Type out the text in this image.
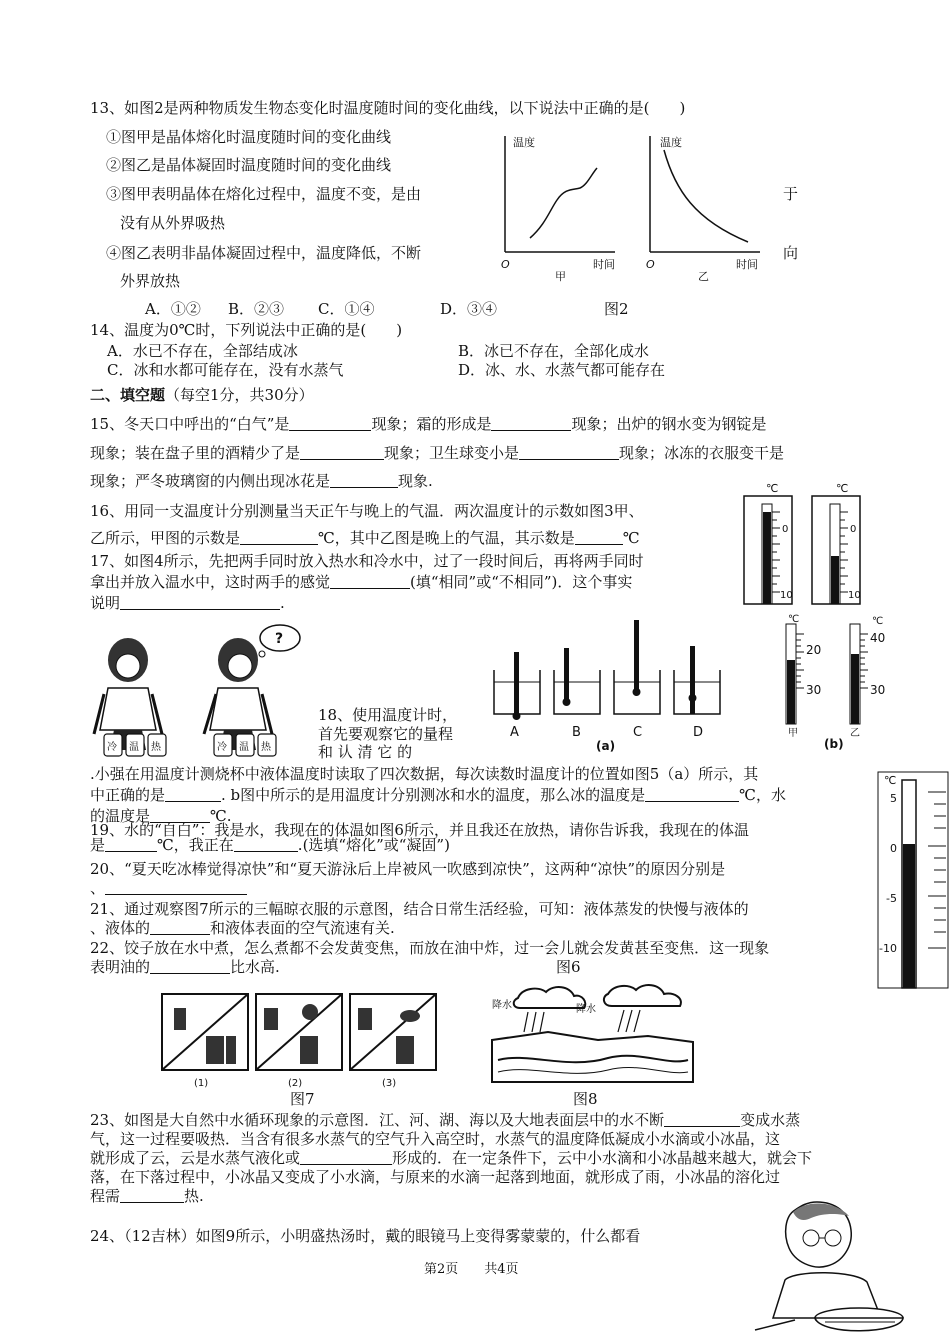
13、如图2是两种物质发生物态变化时温度随时间的变化曲线，以下说法中正确的是(　　)
①图甲是晶体熔化时温度随时间的变化曲线
②图乙是晶体凝固时温度随时间的变化曲线
③图甲表明晶体在熔化过程中，温度不变，是由
没有从外界吸热
④图乙表明非晶体凝固过程中，温度降低，不断
外界放热
于
向
A．①② B．②③ C．①④	D．③④	图2
温度
时间
O
甲
温度
时间
O
乙
14、温度为0℃时，下列说法中正确的是(　　)
A．水已不存在，全部结成冰	B．冰已不存在，全部化成水
C．冰和水都可能存在，没有水蒸气	D．冰、水、水蒸气都可能存在
二、填空题（每空1分，共30分）
15、冬天口中呼出的“白气”是	现象；霜的形成是	现象；出炉的钢水变为钢锭是
现象；装在盘子里的酒精少了是	现象；卫生球变小是	现象；冰冻的衣服变干是
现象；严冬玻璃窗的内侧出现冰花是	现象.
16、用同一支温度计分别测量当天正午与晚上的气温．两次温度计的示数如图3甲、
乙所示，甲图的示数是	℃，其中乙图是晚上的气温，其示数是	℃
℃
0
10
℃
0
10
17、如图4所示，先把两手同时放入热水和冷水中，过了一段时间后，再将两手同时
拿出并放入温水中，这时两手的感觉	(填“相同”或“不相同”)．这个事实
说明	.
冷 温 热
?
冷 温 热
18、使用温度计时，
首先要观察它的量程
和 认 清 它 的
.小强在用温度计测烧杯中液体温度时读取了四次数据，每次读数时温度计的位置如图5（a）所示，其
中正确的是	. b图中所示的是用温度计分别测冰和水的温度，那么冰的温度是	℃，水
的温度是	℃.
A	B	C	D
(a)
℃
20
30
甲
℃
40
30
乙
(b)
19、水的“自白”：我是水，我现在的体温如图6所示，并且我还在放热，请你告诉我，我现在的体温
是	℃，我正在	.(选填“熔化”或“凝固”)
℃
5
0
-5
-10
20、“夏天吃冰棒觉得凉快”和“夏天游泳后上岸被风一吹感到凉快”，这两种“凉快”的原因分别是
、
21、通过观察图7所示的三幅晾衣服的示意图，结合日常生活经验，可知：液体蒸发的快慢与液体的
、液体的	和液体表面的空气流速有关.
22、饺子放在水中煮，怎么煮都不会发黄变焦，而放在油中炸，过一会儿就会发黄甚至变焦．这一现象
表明油的	比水高.	图6
(1)	(2)	(3)
图7
降水	降水
图8
23、如图是大自然中水循环现象的示意图．江、河、湖、海以及大地表面层中的水不断	变成水蒸
气，这一过程要吸热．当含有很多水蒸气的空气升入高空时，水蒸气的温度降低凝成小水滴或小冰晶，这
就形成了云，云是水蒸气液化或	形成的．在一定条件下，云中小水滴和小冰晶越来越大，就会下
落，在下落过程中，小冰晶又变成了小水滴，与原来的水滴一起落到地面，就形成了雨，小冰晶的溶化过
程需	热.
24、（12吉林）如图9所示，小明盛热汤时，戴的眼镜马上变得雾蒙蒙的，什么都看
第2页　　共4页
